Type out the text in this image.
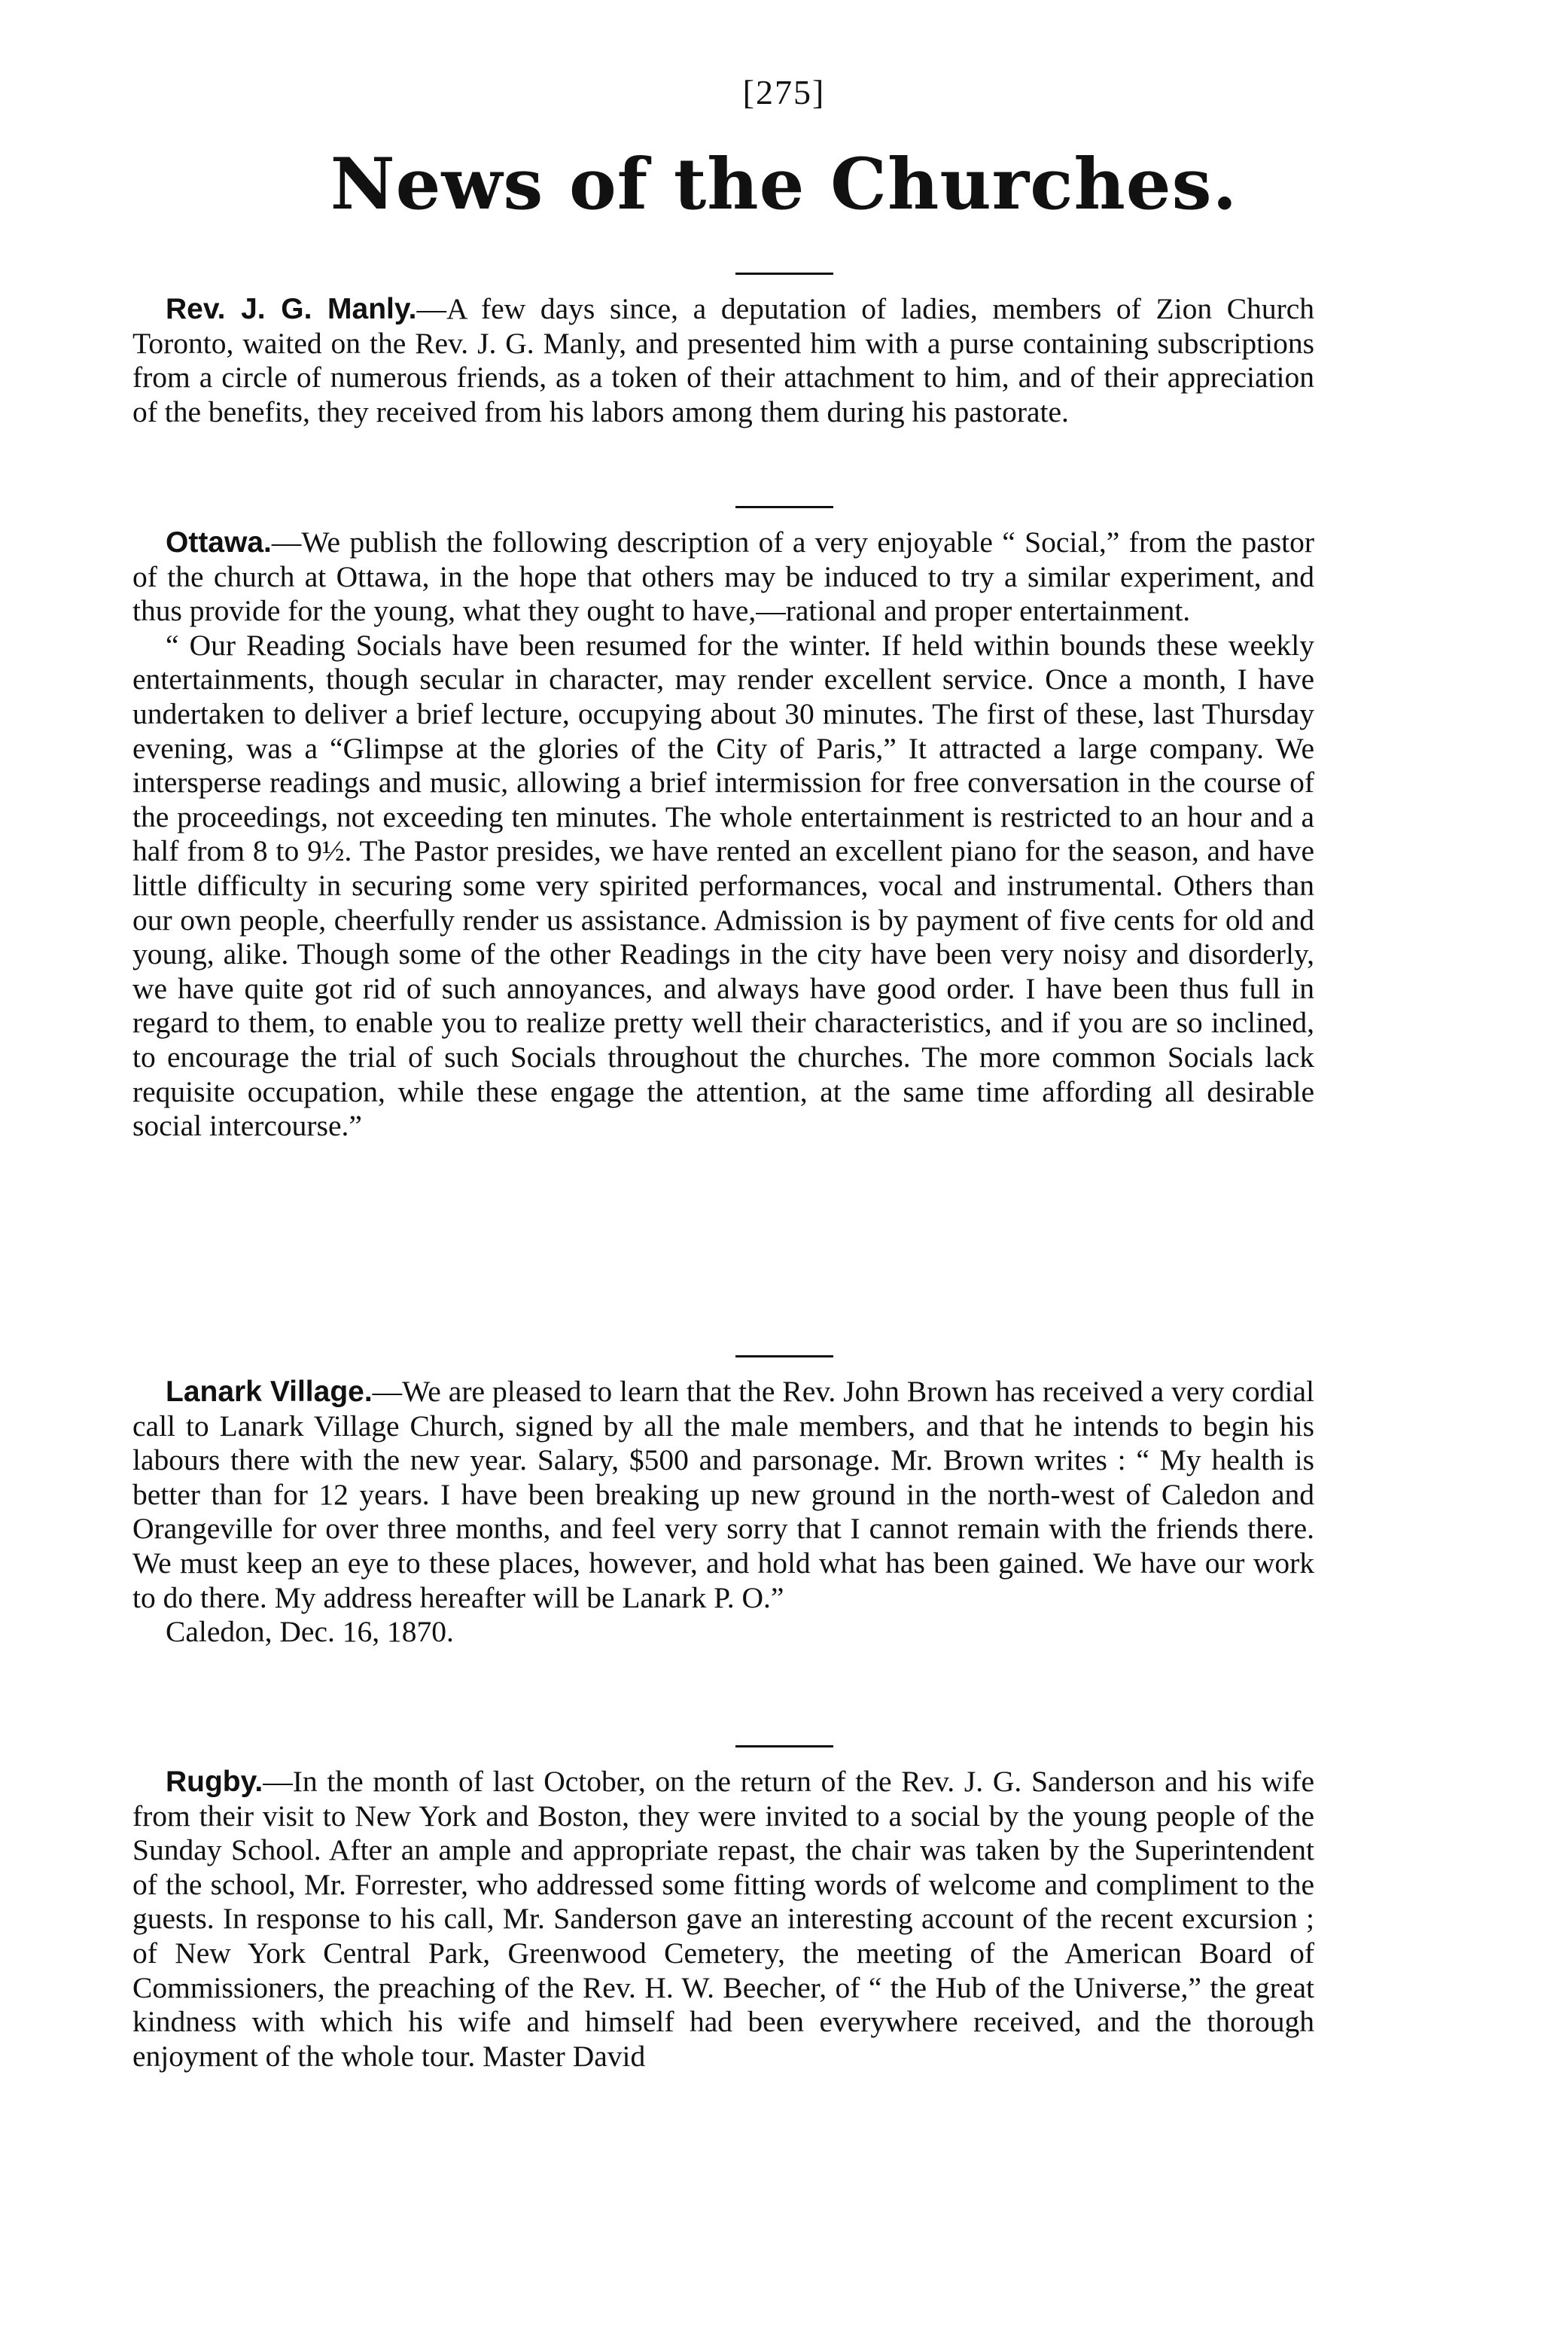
[275]
News of the Churches.

Rev. J. G. Manly.—A few days since, a deputation of ladies, members of Zion Church Toronto, waited on the Rev. J. G. Manly, and presented him with a purse containing subscriptions from a circle of numerous friends, as a token of their attachment to him, and of their appreciation of the benefits, they received from his labors among them during his pastorate.

Ottawa.—We publish the following description of a very enjoyable “ Social,” from the pastor of the church at Ottawa, in the hope that others may be induced to try a similar experiment, and thus provide for the young, what they ought to have,—rational and proper entertainment.

“ Our Reading Socials have been resumed for the winter. If held within bounds these weekly entertainments, though secular in character, may render excellent service. Once a month, I have undertaken to deliver a brief lecture, occupying about 30 minutes. The first of these, last Thursday evening, was a “Glimpse at the glories of the City of Paris,” It attracted a large company. We intersperse readings and music, allowing a brief intermission for free conversation in the course of the proceedings, not exceeding ten minutes. The whole entertainment is restricted to an hour and a half from 8 to 9½. The Pastor presides, we have rented an excellent piano for the season, and have little difficulty in securing some very spirited performances, vocal and instrumental. Others than our own people, cheerfully render us assistance. Admission is by payment of five cents for old and young, alike. Though some of the other Readings in the city have been very noisy and disorderly, we have quite got rid of such annoyances, and always have good order. I have been thus full in regard to them, to enable you to realize pretty well their characteristics, and if you are so inclined, to encourage the trial of such Socials throughout the churches. The more common Socials lack requisite occupation, while these engage the attention, at the same time affording all desirable social intercourse.”

Lanark Village.—We are pleased to learn that the Rev. John Brown has received a very cordial call to Lanark Village Church, signed by all the male members, and that he intends to begin his labours there with the new year. Salary, $500 and parsonage. Mr. Brown writes : “ My health is better than for 12 years. I have been breaking up new ground in the north-west of Caledon and Orangeville for over three months, and feel very sorry that I cannot remain with the friends there. We must keep an eye to these places, however, and hold what has been gained. We have our work to do there. My address hereafter will be Lanark P. O.”

Caledon, Dec. 16, 1870.

Rugby.—In the month of last October, on the return of the Rev. J. G. Sanderson and his wife from their visit to New York and Boston, they were invited to a social by the young people of the Sunday School. After an ample and appropriate repast, the chair was taken by the Superintendent of the school, Mr. Forrester, who addressed some fitting words of welcome and compliment to the guests. In response to his call, Mr. Sanderson gave an interesting account of the recent excursion ; of New York Central Park, Greenwood Cemetery, the meeting of the American Board of Commissioners, the preaching of the Rev. H. W. Beecher, of “ the Hub of the Universe,” the great kindness with which his wife and himself had been everywhere received, and the thorough enjoyment of the whole tour. Master David
